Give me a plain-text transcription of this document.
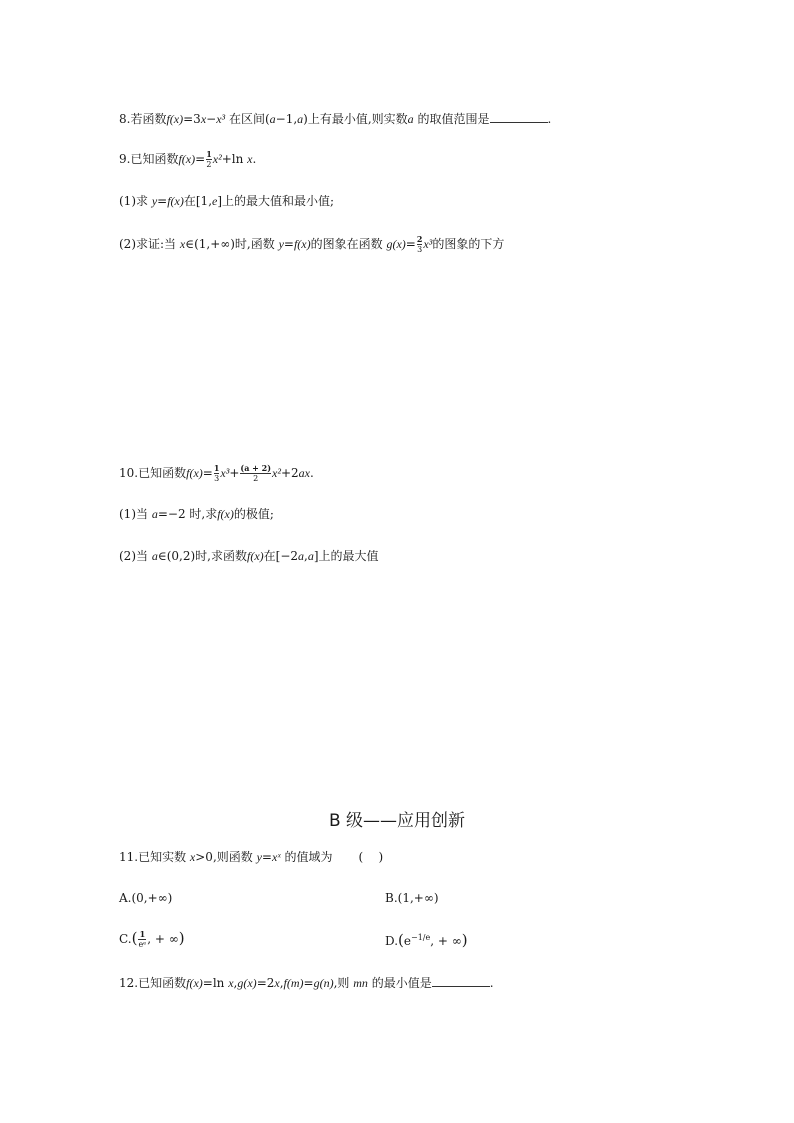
8.若函数f(x)=3x−x³ 在区间(a−1,a)上有最小值,则实数a 的取值范围是	.
9.已知函数$f(x)= \frac{1}{2} x^2+\ln$ x.
(1)求 y=f(x)在[1,e]上的最大值和最小值;
(2)求证:当 x∈(1,+∞)时,函数 y=f(x)的图象在函数 $g(x)= \frac{2}{3} x^3$的图象的下方
10.已知函数$f(x)= \frac{1}{3} x^3+ \frac{(a + 2)}{2} x^2+2ax$.
(1)当 a=−2 时,求f(x)的极值;
(2)当 a∈(0,2)时,求函数f(x)在[−2a,a]上的最大值
B 级——应用创新
11.已知实数 x>0,则函数 y=xˣ 的值域为 (    )
A.(0,+∞)	B.(1,+∞)
$C.( \frac{1}{\text{eᵉ}}$ , + ∞)	$D.(e^{-1/e}$, + ∞)
12.已知函数f(x)=ln x,g(x)=2x,f(m)=g(n),则 mn 的最小值是	.
